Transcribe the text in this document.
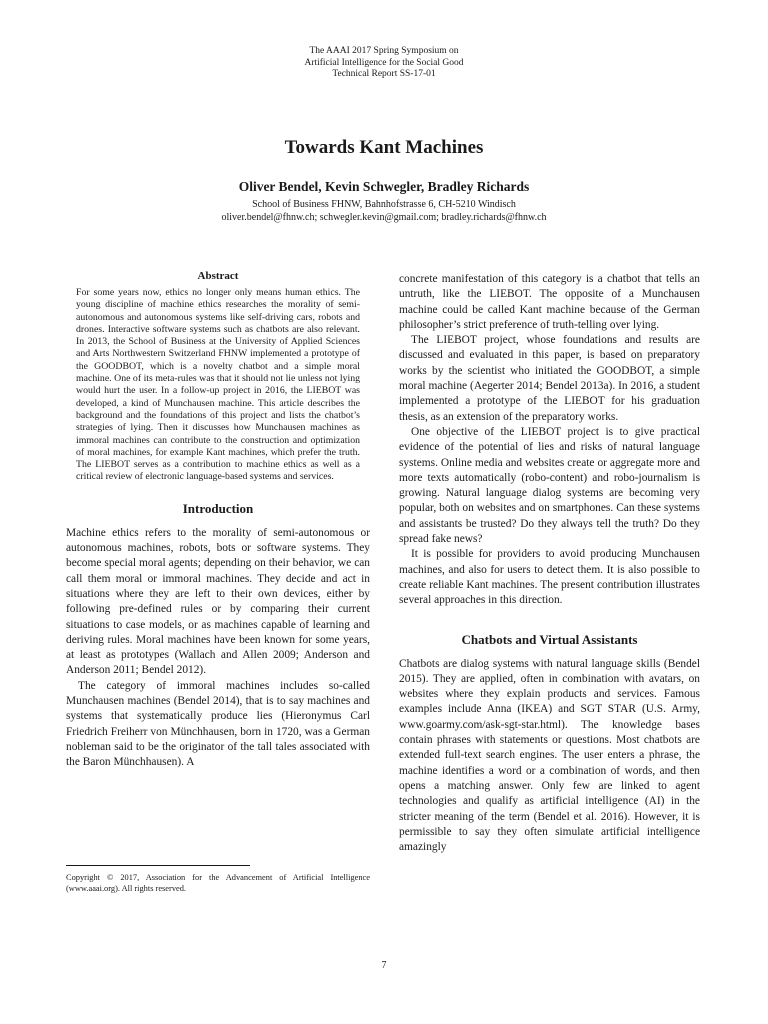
The AAAI 2017 Spring Symposium on
Artificial Intelligence for the Social Good
Technical Report SS-17-01
Towards Kant Machines

Oliver Bendel, Kevin Schwegler, Bradley Richards

School of Business FHNW, Bahnhofstrasse 6, CH-5210 Windisch
oliver.bendel@fhnw.ch; schwegler.kevin@gmail.com; bradley.richards@fhnw.ch

Abstract

For some years now, ethics no longer only means human ethics. The young discipline of machine ethics researches the morality of semi-autonomous and autonomous systems like self-driving cars, robots and drones. Interactive software systems such as chatbots are also relevant. In 2013, the School of Business at the University of Applied Sciences and Arts Northwestern Switzerland FHNW implemented a prototype of the GOODBOT, which is a novelty chatbot and a simple moral machine. One of its meta-rules was that it should not lie unless not lying would hurt the user. In a follow-up project in 2016, the LIEBOT was developed, a kind of Munchausen machine. This article describes the background and the foundations of this project and lists the chatbot’s strategies of lying. Then it discusses how Munchausen machines as immoral machines can contribute to the construction and optimization of moral machines, for example Kant machines, which prefer the truth. The LIEBOT serves as a contribution to machine ethics as well as a critical review of electronic language-based systems and services.

Introduction

Machine ethics refers to the morality of semi-autonomous or autonomous machines, robots, bots or software systems. They become special moral agents; depending on their behavior, we can call them moral or immoral machines. They decide and act in situations where they are left to their own devices, either by following pre-defined rules or by comparing their current situations to case models, or as machines capable of learning and deriving rules. Moral machines have been known for some years, at least as prototypes (Wallach and Allen 2009; Anderson and Anderson 2011; Bendel 2012).

The category of immoral machines includes so-called Munchausen machines (Bendel 2014), that is to say machines and systems that systematically produce lies (Hieronymus Carl Friedrich Freiherr von Münchhausen, born in 1720, was a German nobleman said to be the originator of the tall tales associated with the Baron Münchhausen). A

concrete manifestation of this category is a chatbot that tells an untruth, like the LIEBOT. The opposite of a Munchausen machine could be called Kant machine because of the German philosopher’s strict preference of truth-telling over lying.

The LIEBOT project, whose foundations and results are discussed and evaluated in this paper, is based on preparatory works by the scientist who initiated the GOODBOT, a simple moral machine (Aegerter 2014; Bendel 2013a). In 2016, a student implemented a prototype of the LIEBOT for his graduation thesis, as an extension of the preparatory works.

One objective of the LIEBOT project is to give practical evidence of the potential of lies and risks of natural language systems. Online media and websites create or aggregate more and more texts automatically (robo-content) and robo-journalism is growing. Natural language dialog systems are becoming very popular, both on websites and on smartphones. Can these systems and assistants be trusted? Do they always tell the truth? Do they spread fake news?

It is possible for providers to avoid producing Munchausen machines, and also for users to detect them. It is also possible to create reliable Kant machines. The present contribution illustrates several approaches in this direction.

Chatbots and Virtual Assistants

Chatbots are dialog systems with natural language skills (Bendel 2015). They are applied, often in combination with avatars, on websites where they explain products and services. Famous examples include Anna (IKEA) and SGT STAR (U.S. Army, www.goarmy.com/ask-sgt-star.html). The knowledge bases contain phrases with statements or questions. Most chatbots are extended full-text search engines. The user enters a phrase, the machine identifies a word or a combination of words, and then opens a matching answer. Only few are linked to agent technologies and qualify as artificial intelligence (AI) in the stricter meaning of the term (Bendel et al. 2016). However, it is permissible to say they often simulate artificial intelligence amazingly

Copyright © 2017, Association for the Advancement of Artificial Intelligence (www.aaai.org). All rights reserved.

7
